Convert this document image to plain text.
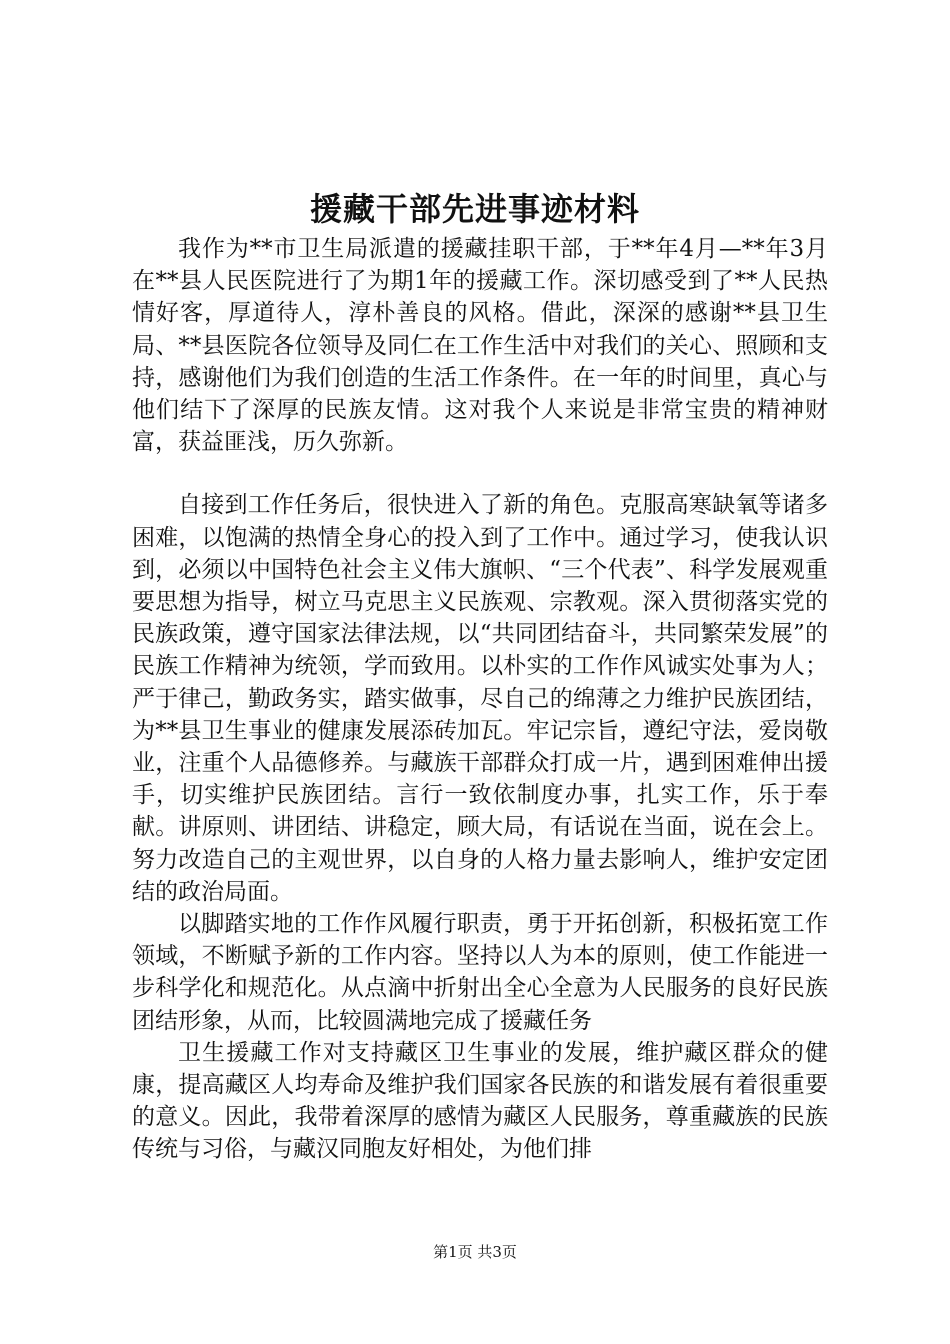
援藏干部先进事迹材料

我作为**市卫生局派遣的援藏挂职干部，于**年4月—**年3月在**县人民医院进行了为期1年的援藏工作。深切感受到了**人民热情好客，厚道待人，淳朴善良的风格。借此，深深的感谢**县卫生局、**县医院各位领导及同仁在工作生活中对我们的关心、照顾和支持，感谢他们为我们创造的生活工作条件。在一年的时间里，真心与他们结下了深厚的民族友情。这对我个人来说是非常宝贵的精神财富，获益匪浅，历久弥新。

自接到工作任务后，很快进入了新的角色。克服高寒缺氧等诸多困难，以饱满的热情全身心的投入到了工作中。通过学习，使我认识到，必须以中国特色社会主义伟大旗帜、“三个代表”、科学发展观重要思想为指导，树立马克思主义民族观、宗教观。深入贯彻落实党的民族政策，遵守国家法律法规，以“共同团结奋斗，共同繁荣发展”的民族工作精神为统领，学而致用。以朴实的工作作风诚实处事为人；严于律己，勤政务实，踏实做事，尽自己的绵薄之力维护民族团结，为**县卫生事业的健康发展添砖加瓦。牢记宗旨，遵纪守法，爱岗敬业，注重个人品德修养。与藏族干部群众打成一片，遇到困难伸出援手，切实维护民族团结。言行一致依制度办事，扎实工作，乐于奉献。讲原则、讲团结、讲稳定，顾大局，有话说在当面，说在会上。努力改造自己的主观世界，以自身的人格力量去影响人，维护安定团结的政治局面。

以脚踏实地的工作作风履行职责，勇于开拓创新，积极拓宽工作领域，不断赋予新的工作内容。坚持以人为本的原则，使工作能进一步科学化和规范化。从点滴中折射出全心全意为人民服务的良好民族团结形象，从而，比较圆满地完成了援藏任务

卫生援藏工作对支持藏区卫生事业的发展，维护藏区群众的健康，提高藏区人均寿命及维护我们国家各民族的和谐发展有着很重要的意义。因此，我带着深厚的感情为藏区人民服务，尊重藏族的民族传统与习俗，与藏汉同胞友好相处，为他们排

第1页 共3页
